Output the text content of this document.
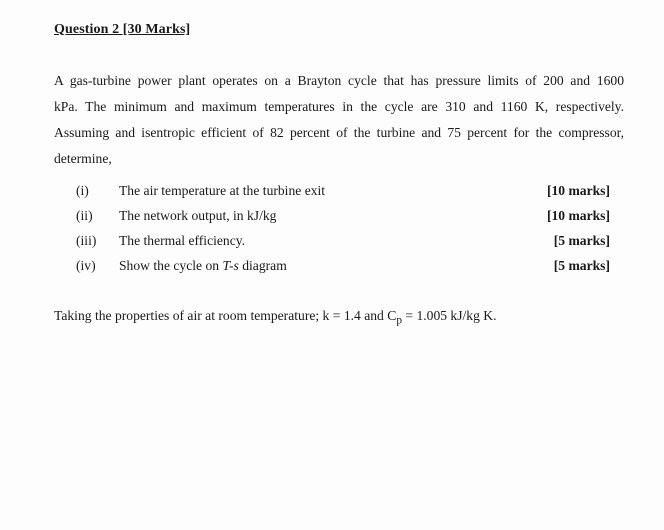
Question 2 [30 Marks]
A gas-turbine power plant operates on a Brayton cycle that has pressure limits of 200 and 1600
kPa. The minimum and maximum temperatures in the cycle are 310 and 1160 K, respectively.
Assuming and isentropic efficient of 82 percent of the turbine and 75 percent for the compressor,
determine,
(i) The air temperature at the turbine exit	[10 marks]
(ii) The network output, in kJ/kg	[10 marks]
(iii) The thermal efficiency.	[5 marks]
(iv) Show the cycle on T-s diagram	[5 marks]
Taking the properties of air at room temperature; k = 1.4 and $C_p = 1.005$ kJ/kg K.
